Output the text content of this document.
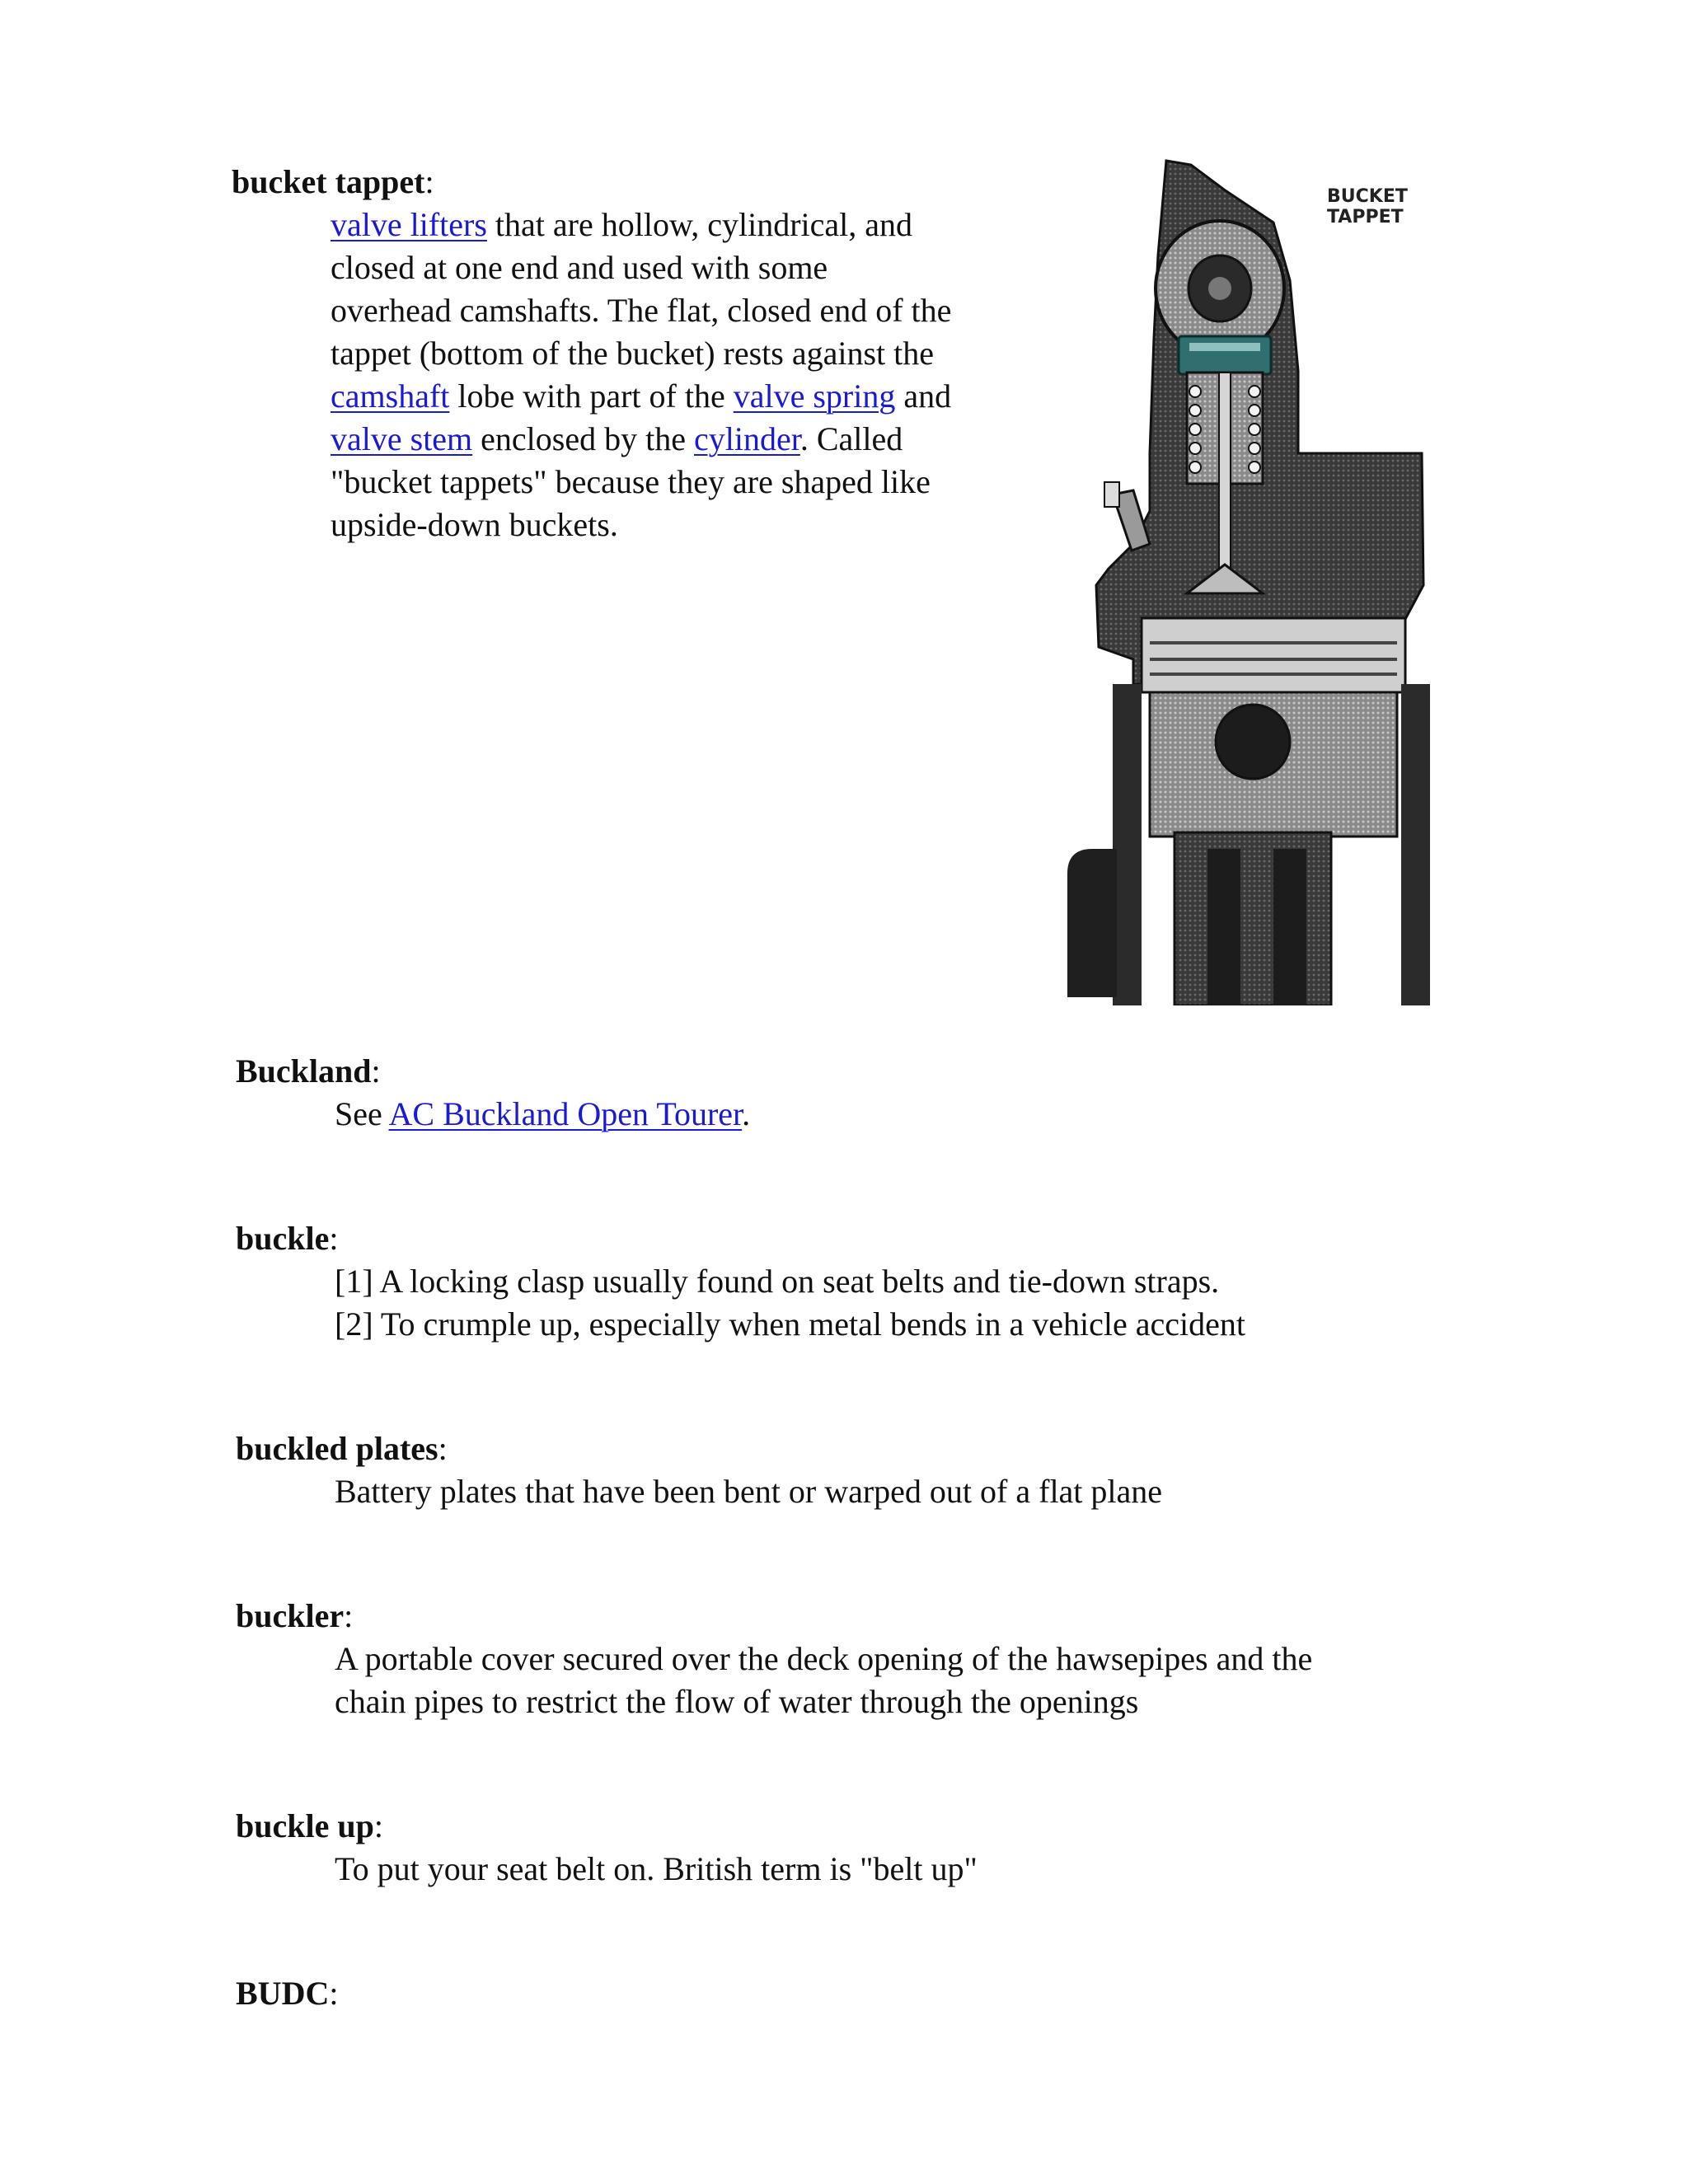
bucket tappet:
valve lifters that are hollow, cylindrical, and
closed at one end and used with some
overhead camshafts. The flat, closed end of the
tappet (bottom of the bucket) rests against the
camshaft lobe with part of the valve spring and
valve stem enclosed by the cylinder. Called
"bucket tappets" because they are shaped like
upside-down buckets.
BUCKET
TAPPET
Buckland:
See AC Buckland Open Tourer.
buckle:
[1] A locking clasp usually found on seat belts and tie-down straps.
[2] To crumple up, especially when metal bends in a vehicle accident
buckled plates:
Battery plates that have been bent or warped out of a flat plane
buckler:
A portable cover secured over the deck opening of the hawsepipes and the
chain pipes to restrict the flow of water through the openings
buckle up:
To put your seat belt on. British term is "belt up"
BUDC:
